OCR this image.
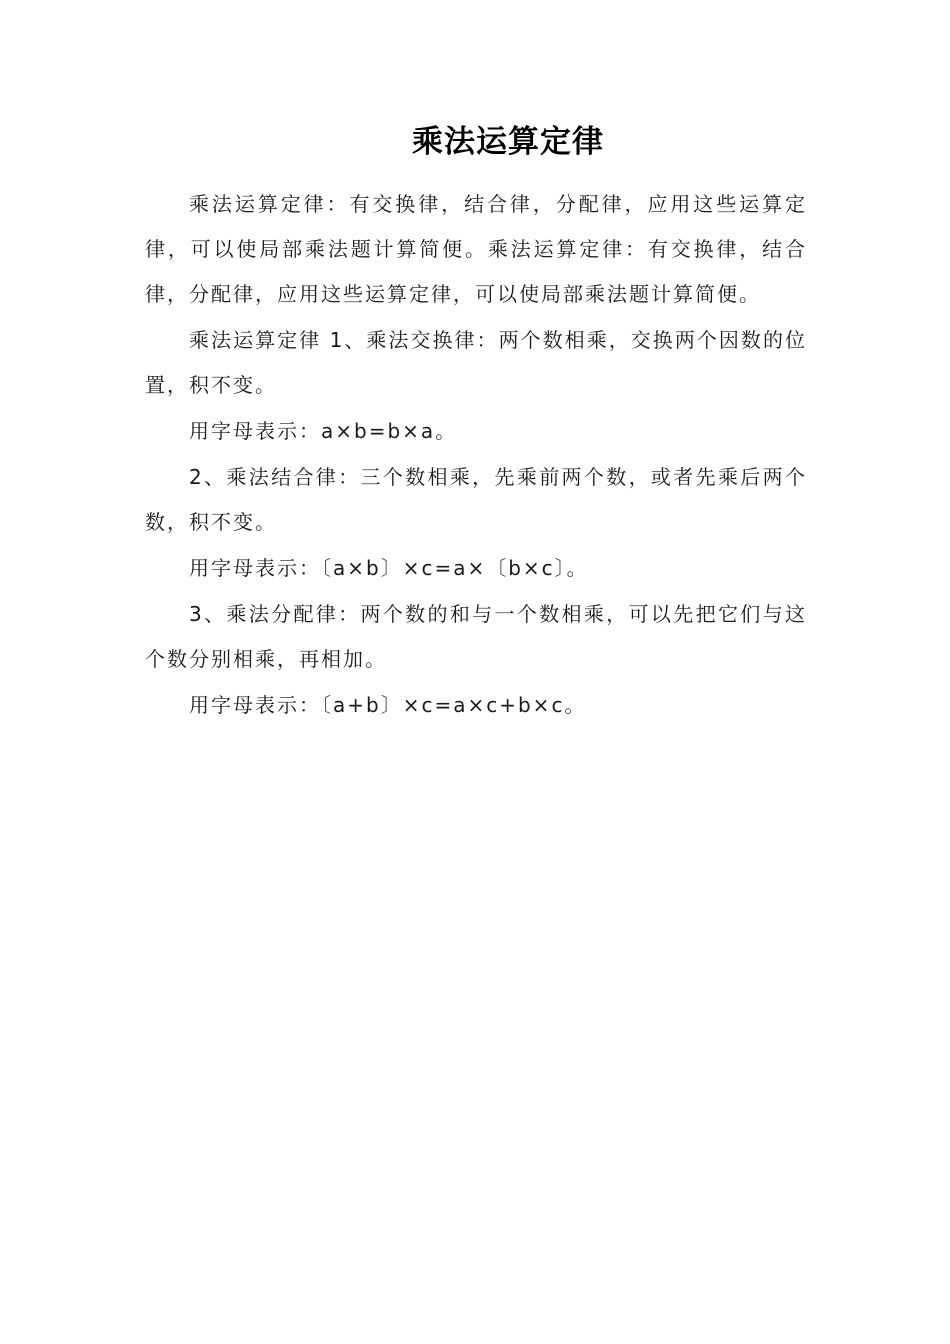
乘法运算定律

乘法运算定律：有交换律，结合律，分配律，应用这些运算定律，可以使局部乘法题计算简便。乘法运算定律：有交换律，结合律，分配律，应用这些运算定律，可以使局部乘法题计算简便。

乘法运算定律 1、乘法交换律：两个数相乘，交换两个因数的位置，积不变。

用字母表示：a×b=b×a。

2、乘法结合律：三个数相乘，先乘前两个数，或者先乘后两个数，积不变。

用字母表示：〔a×b〕×c=a×〔b×c〕。

3、乘法分配律：两个数的和与一个数相乘，可以先把它们与这个数分别相乘，再相加。

用字母表示：〔a+b〕×c=a×c+b×c。
